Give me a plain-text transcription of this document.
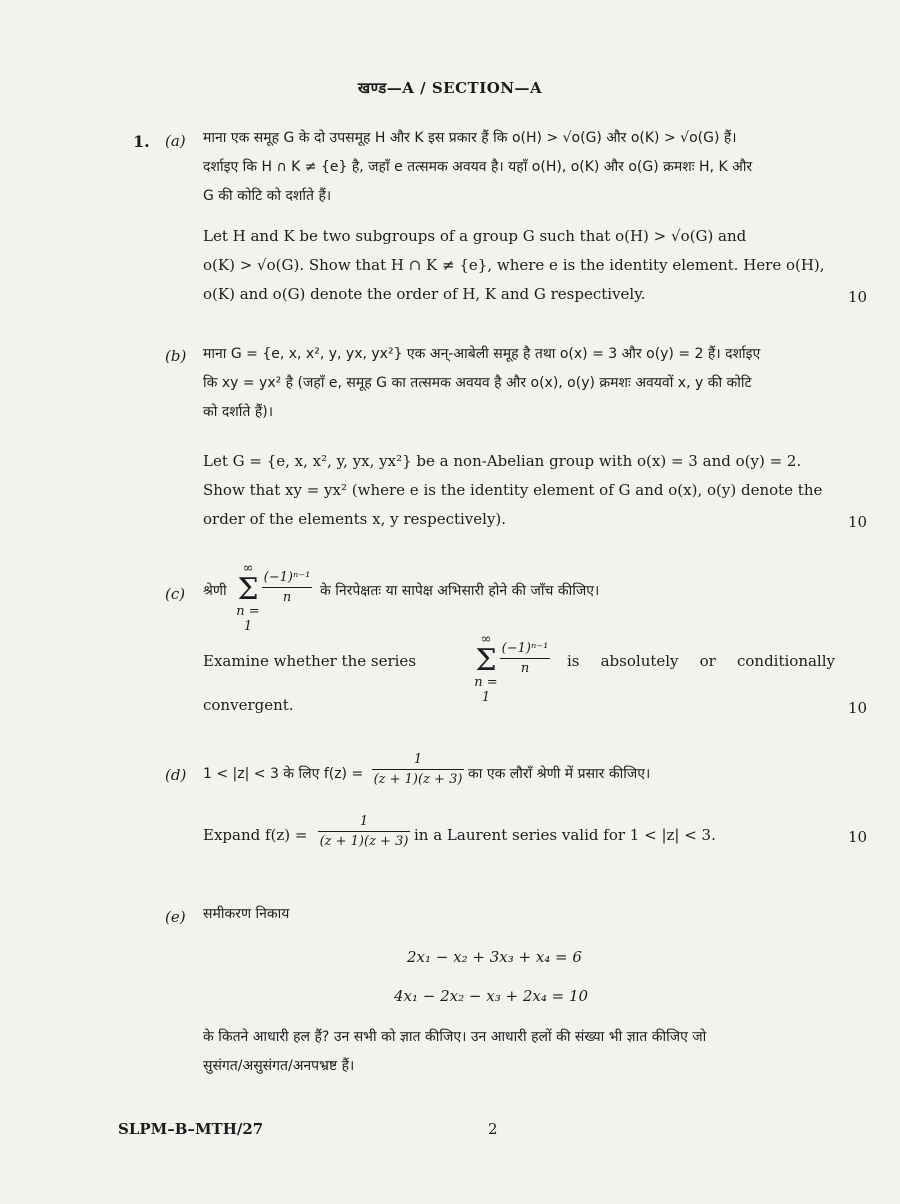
खण्ड—A / SECTION—A
1. (a) माना एक समूह G के दो उपसमूह H और K इस प्रकार हैं कि o(H) > √o(G) और o(K) > √o(G) हैं।
दर्शाइए कि H ∩ K ≠ {e} है, जहाँ e तत्समक अवयव है। यहाँ o(H), o(K) और o(G) क्रमशः H, K और
G की कोटि को दर्शाते हैं।
Let H and K be two subgroups of a group G such that o(H) > √o(G) and
o(K) > √o(G). Show that H ∩ K ≠ {e}, where e is the identity element. Here o(H),
o(K) and o(G) denote the order of H, K and G respectively.	10
(b) माना G = {e, x, x², y, yx, yx²} एक अन्-आबेली समूह है तथा o(x) = 3 और o(y) = 2 हैं। दर्शाइए
कि xy = yx² है (जहाँ e, समूह G का तत्समक अवयव है और o(x), o(y) क्रमशः अवयवों x, y की कोटि
को दर्शाते हैं)।
Let G = {e, x, x², y, yx, yx²} be a non-Abelian group with o(x) = 3 and o(y) = 2.
Show that xy = yx² (where e is the identity element of G and o(x), o(y) denote the
order of the elements x, y respectively).	10
(c) श्रेणी
∞
Σ
n = 1
(−1)ⁿ⁻¹
n	के निरपेक्षतः या सापेक्ष अभिसारी होने की जाँच कीजिए।
Examine whether the series
∞
Σ
n = 1
(−1)ⁿ⁻¹
n	is absolutely or conditionally
convergent.	10
(d) 1 < |z| < 3 के लिए f(z) =
1
(z + 1)(z + 3) का एक लौराँ श्रेणी में प्रसार कीजिए।
Expand f(z) =
1
(z + 1)(z + 3) in a Laurent series valid for 1 < |z| < 3.	10
(e) समीकरण निकाय
2x₁ − x₂ + 3x₃ + x₄ = 6
4x₁ − 2x₂ − x₃ + 2x₄ = 10
के कितने आधारी हल हैं? उन सभी को ज्ञात कीजिए। उन आधारी हलों की संख्या भी ज्ञात कीजिए जो
सुसंगत/असुसंगत/अनपभ्रष्ट हैं।
SLPM–B–MTH/27	2
